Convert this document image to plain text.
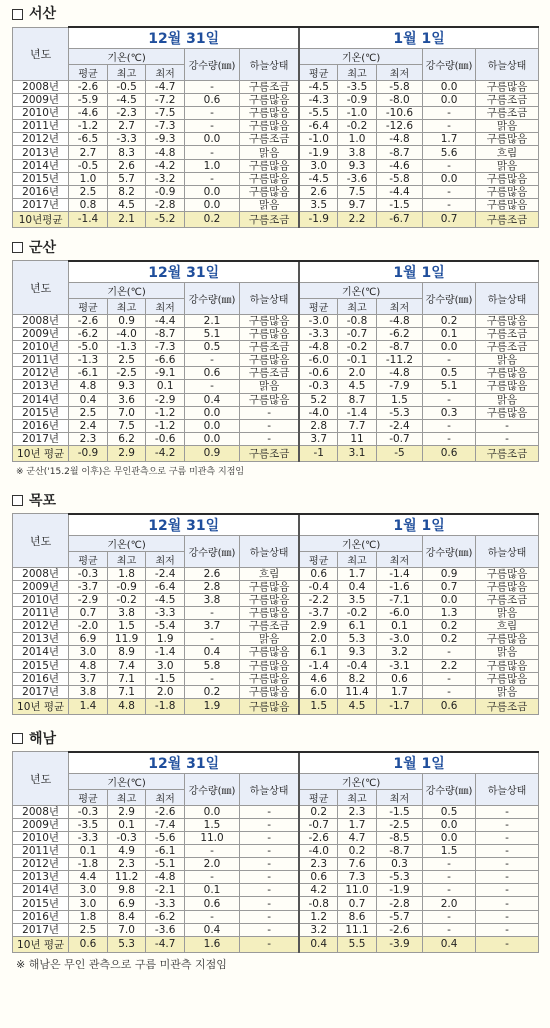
서산
년도	12월 31일					1월 1일				
	기온(℃)			강수량(㎜)	하늘상태	기온(℃)			강수량(㎜)	하늘상태
	평균	최고	최저			평균	최고	최저		
2008년	-2.6	-0.5	-4.7	-	구름조금	-4.5	-3.5	-5.8	0.0	구름많음
2009년	-5.9	-4.5	-7.2	0.6	구름많음	-4.3	-0.9	-8.0	0.0	구름조금
2010년	-4.6	-2.3	-7.5	-	구름많음	-5.5	-1.0	-10.6	-	구름조금
2011년	-1.2	2.7	-7.3	-	구름많음	-6.4	-0.2	-12.6	-	맑음
2012년	-6.5	-3.3	-9.3	0.0	구름조금	-1.0	1.0	-4.8	1.7	구름많음
2013년	2.7	8.3	-4.8	-	맑음	-1.9	3.8	-8.7	5.6	흐림
2014년	-0.5	2.6	-4.2	1.0	구름많음	3.0	9.3	-4.6	-	맑음
2015년	1.0	5.7	-3.2	-	구름많음	-4.5	-3.6	-5.8	0.0	구름많음
2016년	2.5	8.2	-0.9	0.0	구름많음	2.6	7.5	-4.4	-	구름많음
2017년	0.8	4.5	-2.8	0.0	맑음	3.5	9.7	-1.5	-	구름많음
10년평균	-1.4	2.1	-5.2	0.2	구름조금	-1.9	2.2	-6.7	0.7	구름조금
군산
년도	12월 31일					1월 1일				
	기온(℃)			강수량(㎜)	하늘상태	기온(℃)			강수량(㎜)	하늘상태
	평균	최고	최저			평균	최고	최저		
2008년	-2.6	0.9	-4.4	2.1	구름많음	-3.0	-0.8	-4.8	0.2	구름많음
2009년	-6.2	-4.0	-8.7	5.1	구름많음	-3.3	-0.7	-6.2	0.1	구름조금
2010년	-5.0	-1.3	-7.3	0.5	구름조금	-4.8	-0.2	-8.7	0.0	구름조금
2011년	-1.3	2.5	-6.6	-	구름많음	-6.0	-0.1	-11.2	-	맑음
2012년	-6.1	-2.5	-9.1	0.6	구름조금	-0.6	2.0	-4.8	0.5	구름많음
2013년	4.8	9.3	0.1	-	맑음	-0.3	4.5	-7.9	5.1	구름많음
2014년	0.4	3.6	-2.9	0.4	구름많음	5.2	8.7	1.5	-	맑음
2015년	2.5	7.0	-1.2	0.0	-	-4.0	-1.4	-5.3	0.3	구름많음
2016년	2.4	7.5	-1.2	0.0	-	2.8	7.7	-2.4	-	-
2017년	2.3	6.2	-0.6	0.0	-	3.7	11	-0.7	-	-
10년 평균	-0.9	2.9	-4.2	0.9	구름조금	-1	3.1	-5	0.6	구름조금
※ 군산('15.2월 이후)은 무인관측으로 구름 미관측 지점임
목포
년도	12월 31일					1월 1일				
	기온(℃)			강수량(㎜)	하늘상태	기온(℃)			강수량(㎜)	하늘상태
	평균	최고	최저			평균	최고	최저		
2008년	-0.3	1.8	-2.4	2.6	흐림	0.6	1.7	-1.4	0.9	구름많음
2009년	-3.7	-0.9	-6.4	2.8	구름많음	-0.4	0.4	-1.6	0.7	구름많음
2010년	-2.9	-0.2	-4.5	3.8	구름많음	-2.2	3.5	-7.1	0.0	구름조금
2011년	0.7	3.8	-3.3	-	구름많음	-3.7	-0.2	-6.0	1.3	맑음
2012년	-2.0	1.5	-5.4	3.7	구름조금	2.9	6.1	0.1	0.2	흐림
2013년	6.9	11.9	1.9	-	맑음	2.0	5.3	-3.0	0.2	구름많음
2014년	3.0	8.9	-1.4	0.4	구름많음	6.1	9.3	3.2	-	맑음
2015년	4.8	7.4	3.0	5.8	구름많음	-1.4	-0.4	-3.1	2.2	구름많음
2016년	3.7	7.1	-1.5	-	구름많음	4.6	8.2	0.6	-	구름많음
2017년	3.8	7.1	2.0	0.2	구름많음	6.0	11.4	1.7	-	맑음
10년 평균	1.4	4.8	-1.8	1.9	구름많음	1.5	4.5	-1.7	0.6	구름조금
해남
년도	12월 31일					1월 1일				
	기온(℃)			강수량(㎜)	하늘상태	기온(℃)			강수량(㎜)	하늘상태
	평균	최고	최저			평균	최고	최저		
2008년	-0.3	2.9	-2.6	0.0	-	0.2	2.3	-1.5	0.5	-
2009년	-3.5	0.1	-7.4	1.5	-	-0.7	1.7	-2.5	0.0	-
2010년	-3.3	-0.3	-5.6	11.0	-	-2.6	4.7	-8.5	0.0	-
2011년	0.1	4.9	-6.1	-	-	-4.0	0.2	-8.7	1.5	-
2012년	-1.8	2.3	-5.1	2.0	-	2.3	7.6	0.3	-	-
2013년	4.4	11.2	-4.8	-	-	0.6	7.3	-5.3	-	-
2014년	3.0	9.8	-2.1	0.1	-	4.2	11.0	-1.9	-	-
2015년	3.0	6.9	-3.3	0.6	-	-0.8	0.7	-2.8	2.0	-
2016년	1.8	8.4	-6.2	-	-	1.2	8.6	-5.7	-	-
2017년	2.5	7.0	-3.6	0.4	-	3.2	11.1	-2.6	-	-
10년 평균	0.6	5.3	-4.7	1.6	-	0.4	5.5	-3.9	0.4	-
※ 해남은 무인 관측으로 구름 미관측 지점임
